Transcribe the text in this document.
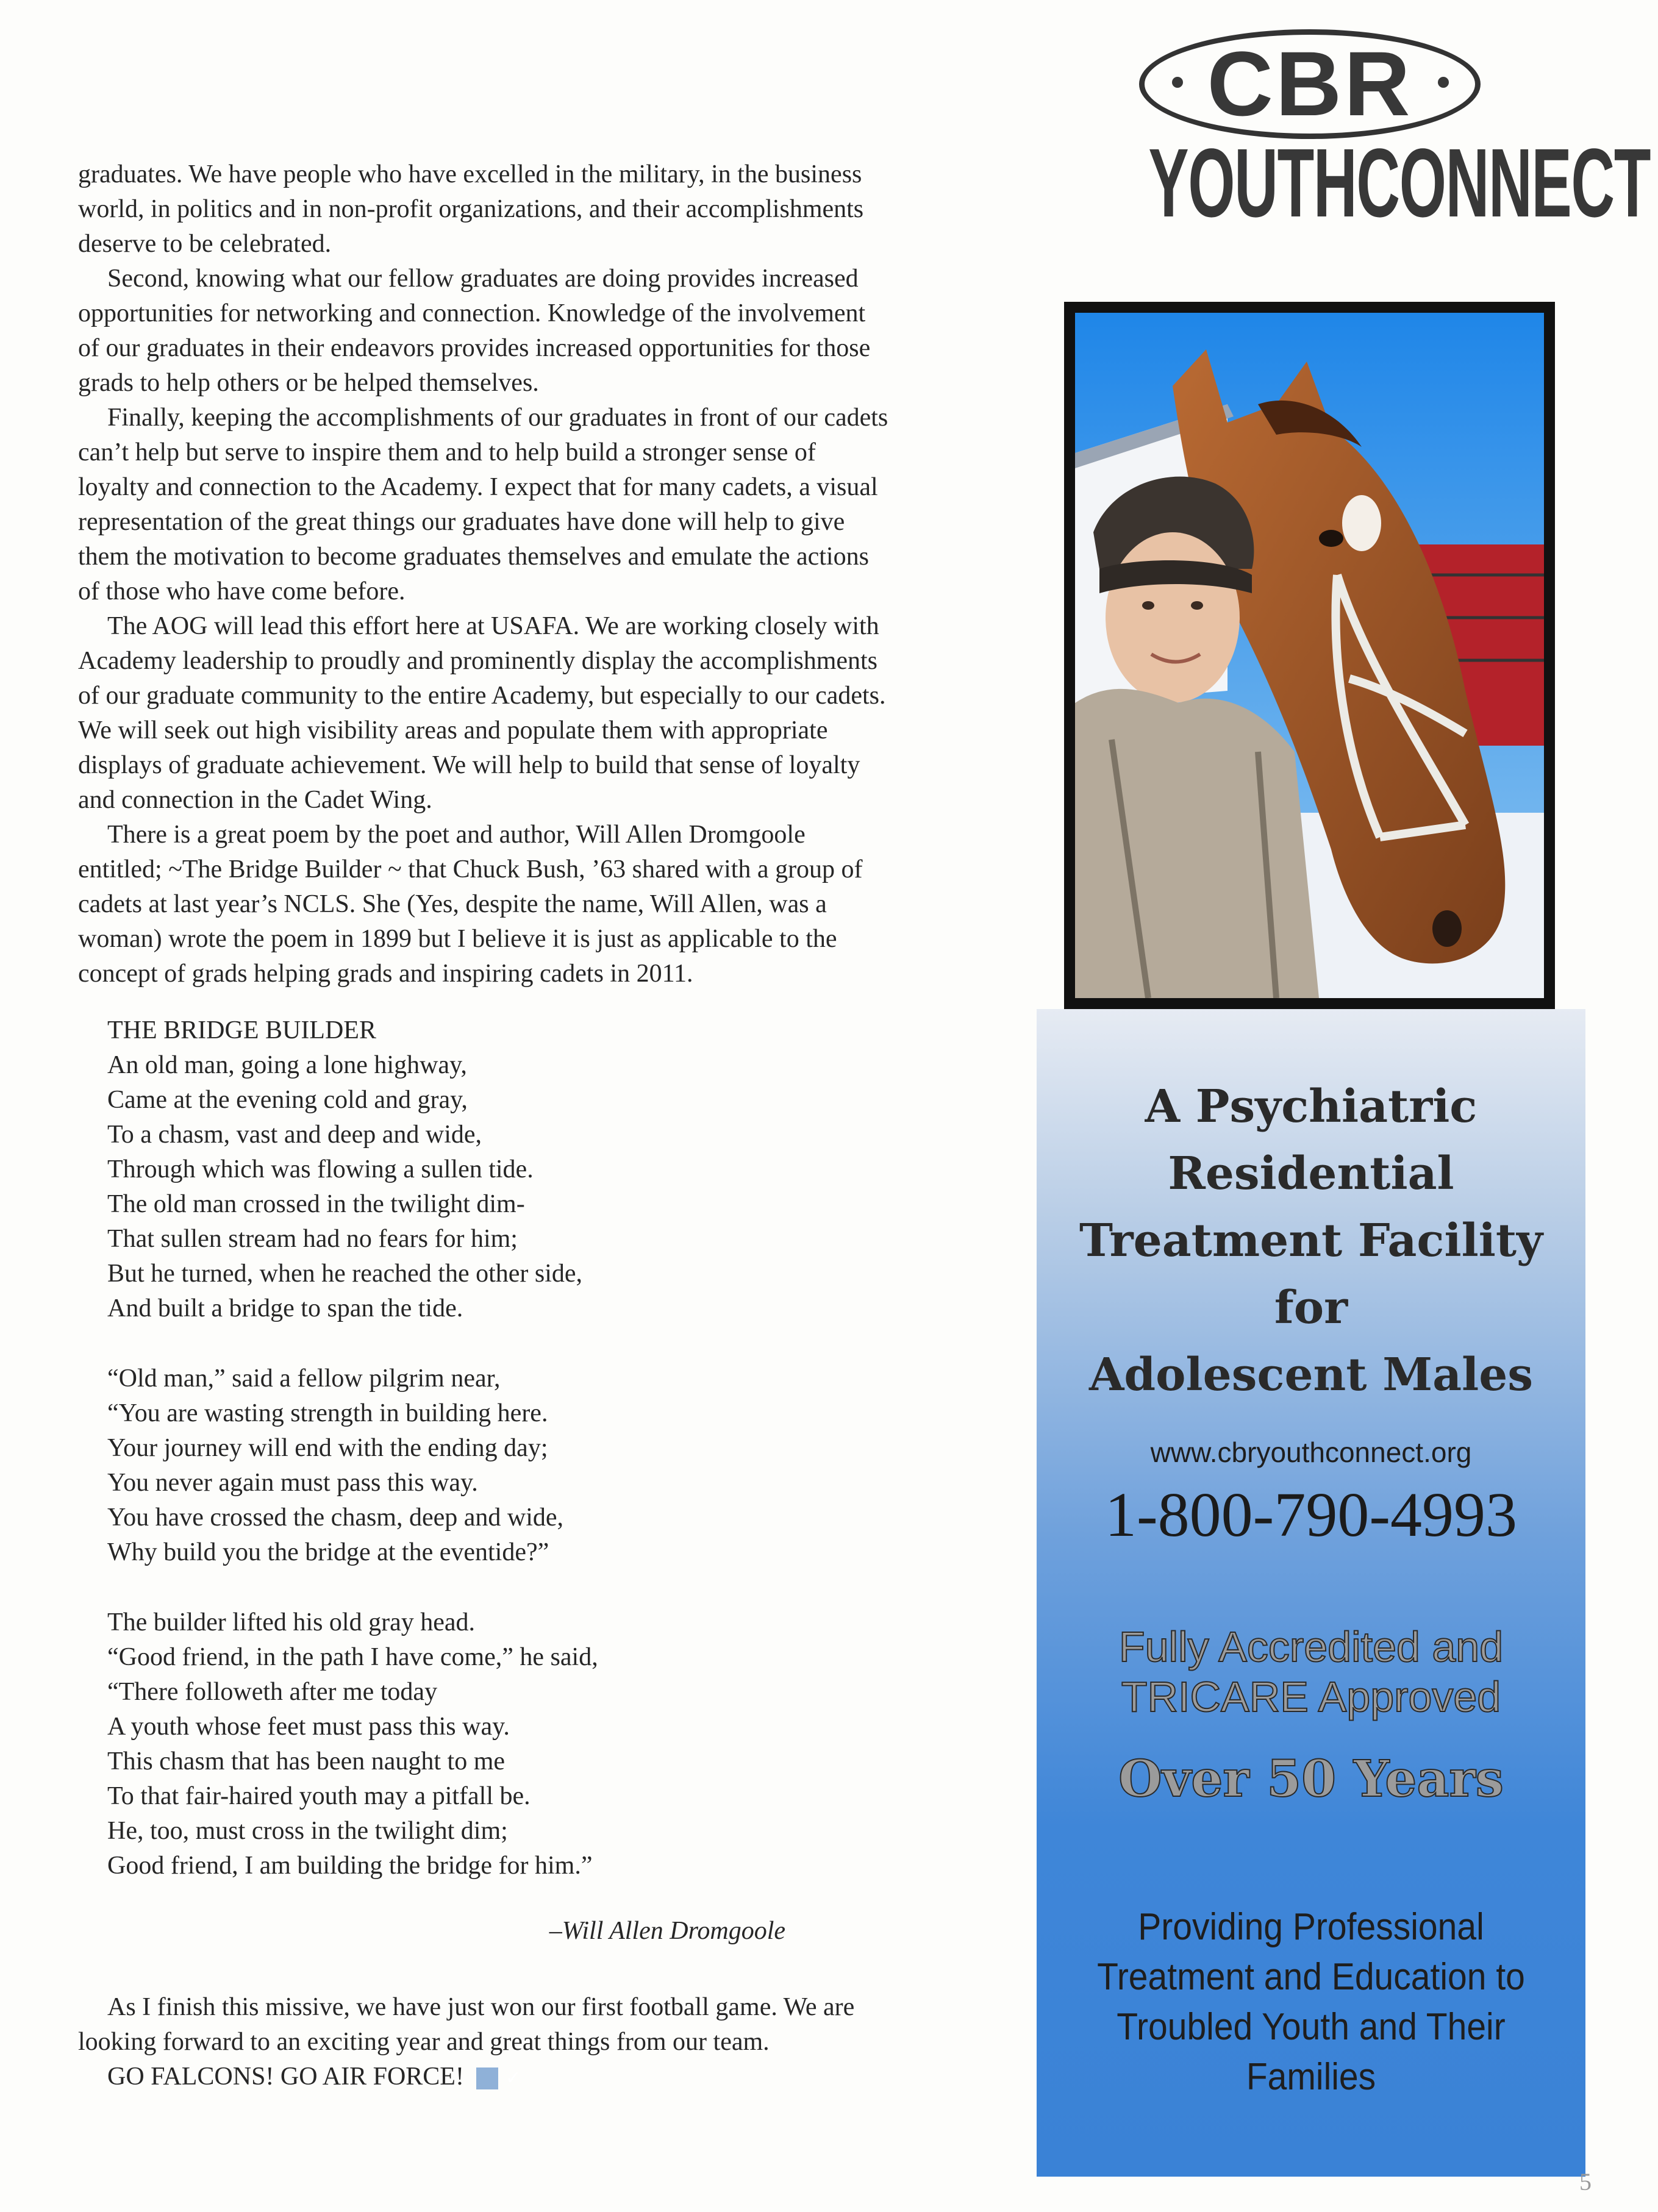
graduates. We have people who have excelled in the military, in the business world, in politics and in non-profit organizations, and their accomplishments deserve to be celebrated.

Second, knowing what our fellow graduates are doing provides increased opportunities for networking and connection. Knowledge of the involvement of our graduates in their endeavors provides increased opportunities for those grads to help others or be helped themselves.

Finally, keeping the accomplishments of our graduates in front of our cadets can’t help but serve to inspire them and to help build a stronger sense of loyalty and connection to the Academy. I expect that for many cadets, a visual representation of the great things our graduates have done will help to give them the motivation to become graduates themselves and emulate the actions of those who have come before.

The AOG will lead this effort here at USAFA. We are working closely with Academy leadership to proudly and prominently display the accomplishments of our graduate community to the entire Academy, but especially to our cadets. We will seek out high visibility areas and populate them with appropriate displays of graduate achievement. We will help to build that sense of loyalty and connection in the Cadet Wing.

There is a great poem by the poet and author, Will Allen Dromgoole entitled; ~The Bridge Builder ~ that Chuck Bush, ’63 shared with a group of cadets at last year’s NCLS. She (Yes, despite the name, Will Allen, was a woman) wrote the poem in 1899 but I believe it is just as applicable to the concept of grads helping grads and inspiring cadets in 2011.

THE BRIDGE BUILDER
An old man, going a lone highway,
Came at the evening cold and gray,
To a chasm, vast and deep and wide,
Through which was flowing a sullen tide.
The old man crossed in the twilight dim-
That sullen stream had no fears for him;
But he turned, when he reached the other side,
And built a bridge to span the tide.
“Old man,” said a fellow pilgrim near,
“You are wasting strength in building here.
Your journey will end with the ending day;
You never again must pass this way.
You have crossed the chasm, deep and wide,
Why build you the bridge at the eventide?”
The builder lifted his old gray head.
“Good friend, in the path I have come,” he said,
“There followeth after me today
A youth whose feet must pass this way.
This chasm that has been naught to me
To that fair-haired youth may a pitfall be.
He, too, must cross in the twilight dim;
Good friend, I am building the bridge for him.”
–Will Allen Dromgoole

As I finish this missive, we have just won our first football game. We are looking forward to an exciting year and great things from our team.

GO FALCONS! GO AIR FORCE! ✓

CBR
YOUTHCONNECT
A Psychiatric
Residential
Treatment Facility
for
Adolescent Males
www.cbryouthconnect.org
1-800-790-4993
Fully Accredited and
TRICARE Approved
Over 50 Years
Providing Professional
Treatment and Education to
Troubled Youth and Their
Families
5
